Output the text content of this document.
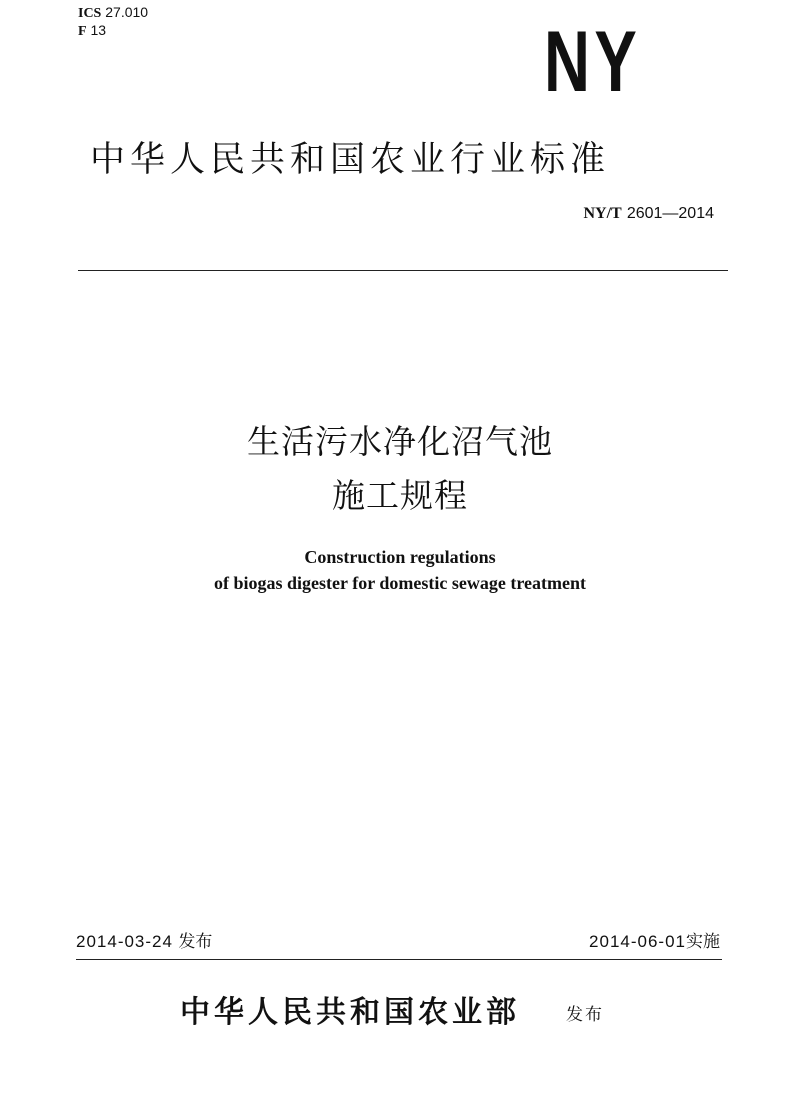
ICS 27.010
F 13	NY
中华人民共和国农业行业标准
NY/T 2601—2014
生活污水净化沼气池
施工规程
Construction regulations
of biogas digester for domestic sewage treatment
2014-03-24 发布	2014-06-01实施
中华人民共和国农业部	发布
